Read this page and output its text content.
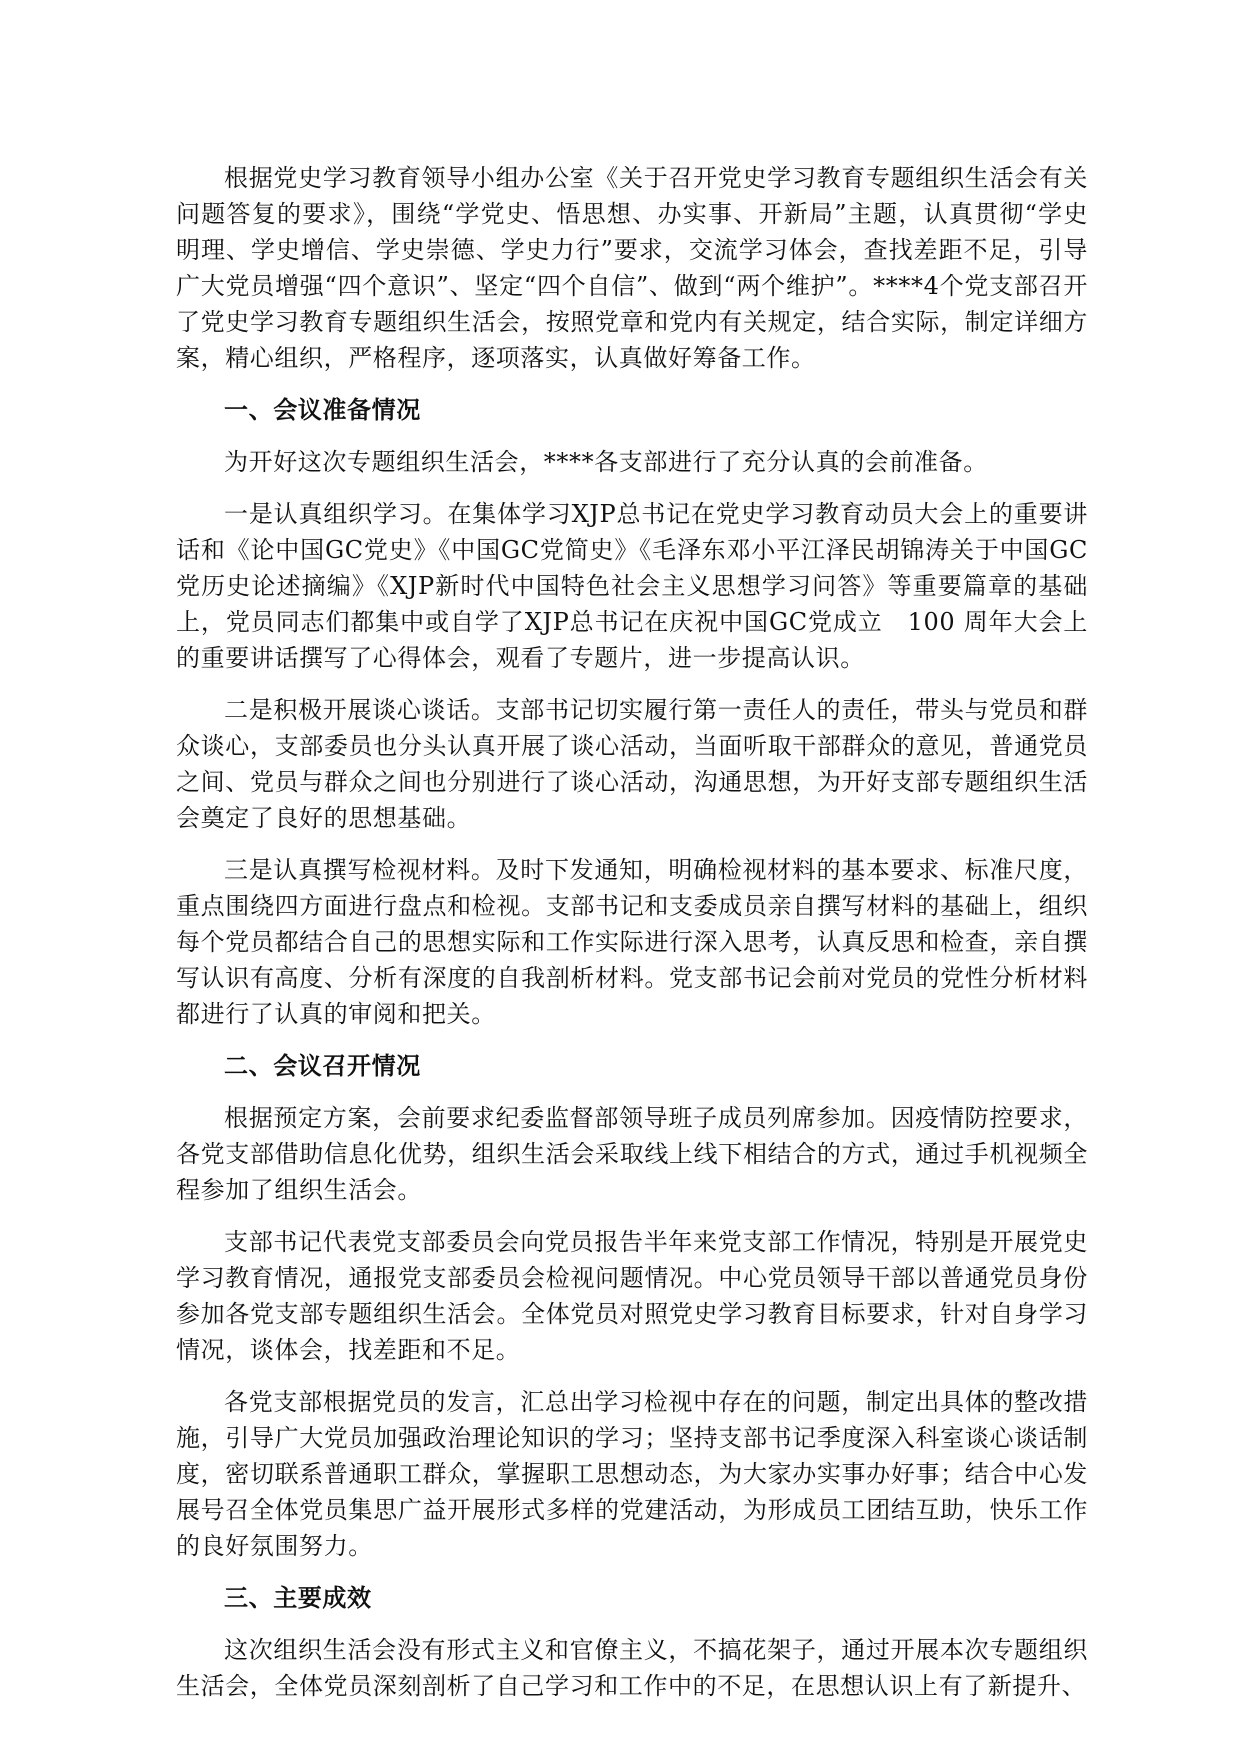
根据党史学习教育领导小组办公室《关于召开党史学习教育专题组织生活会有关问题答复的要求》，围绕“学党史、悟思想、办实事、开新局”主题，认真贯彻“学史明理、学史增信、学史崇德、学史力行”要求，交流学习体会，查找差距不足，引导广大党员增强“四个意识”、坚定“四个自信”、做到“两个维护”。****4个党支部召开了党史学习教育专题组织生活会，按照党章和党内有关规定，结合实际，制定详细方案，精心组织，严格程序，逐项落实，认真做好筹备工作。

一、会议准备情况

为开好这次专题组织生活会，****各支部进行了充分认真的会前准备。

一是认真组织学习。在集体学习XJP总书记在党史学习教育动员大会上的重要讲话和《论中国GC党史》《中国GC党简史》《毛泽东邓小平江泽民胡锦涛关于中国GC党历史论述摘编》《XJP新时代中国特色社会主义思想学习问答》等重要篇章的基础上，党员同志们都集中或自学了XJP总书记在庆祝中国GC党成立　100 周年大会上的重要讲话撰写了心得体会，观看了专题片，进一步提高认识。

二是积极开展谈心谈话。支部书记切实履行第一责任人的责任，带头与党员和群众谈心，支部委员也分头认真开展了谈心活动，当面听取干部群众的意见，普通党员之间、党员与群众之间也分别进行了谈心活动，沟通思想，为开好支部专题组织生活会奠定了良好的思想基础。

三是认真撰写检视材料。及时下发通知，明确检视材料的基本要求、标准尺度，重点围绕四方面进行盘点和检视。支部书记和支委成员亲自撰写材料的基础上，组织每个党员都结合自己的思想实际和工作实际进行深入思考，认真反思和检查，亲自撰写认识有高度、分析有深度的自我剖析材料。党支部书记会前对党员的党性分析材料都进行了认真的审阅和把关。

二、会议召开情况

根据预定方案，会前要求纪委监督部领导班子成员列席参加。因疫情防控要求，各党支部借助信息化优势，组织生活会采取线上线下相结合的方式，通过手机视频全程参加了组织生活会。

支部书记代表党支部委员会向党员报告半年来党支部工作情况，特别是开展党史学习教育情况，通报党支部委员会检视问题情况。中心党员领导干部以普通党员身份参加各党支部专题组织生活会。全体党员对照党史学习教育目标要求，针对自身学习情况，谈体会，找差距和不足。

各党支部根据党员的发言，汇总出学习检视中存在的问题，制定出具体的整改措施，引导广大党员加强政治理论知识的学习；坚持支部书记季度深入科室谈心谈话制度，密切联系普通职工群众，掌握职工思想动态，为大家办实事办好事；结合中心发展号召全体党员集思广益开展形式多样的党建活动，为形成员工团结互助，快乐工作的良好氛围努力。

三、主要成效

这次组织生活会没有形式主义和官僚主义，不搞花架子，通过开展本次专题组织生活会，全体党员深刻剖析了自己学习和工作中的不足，在思想认识上有了新提升、
